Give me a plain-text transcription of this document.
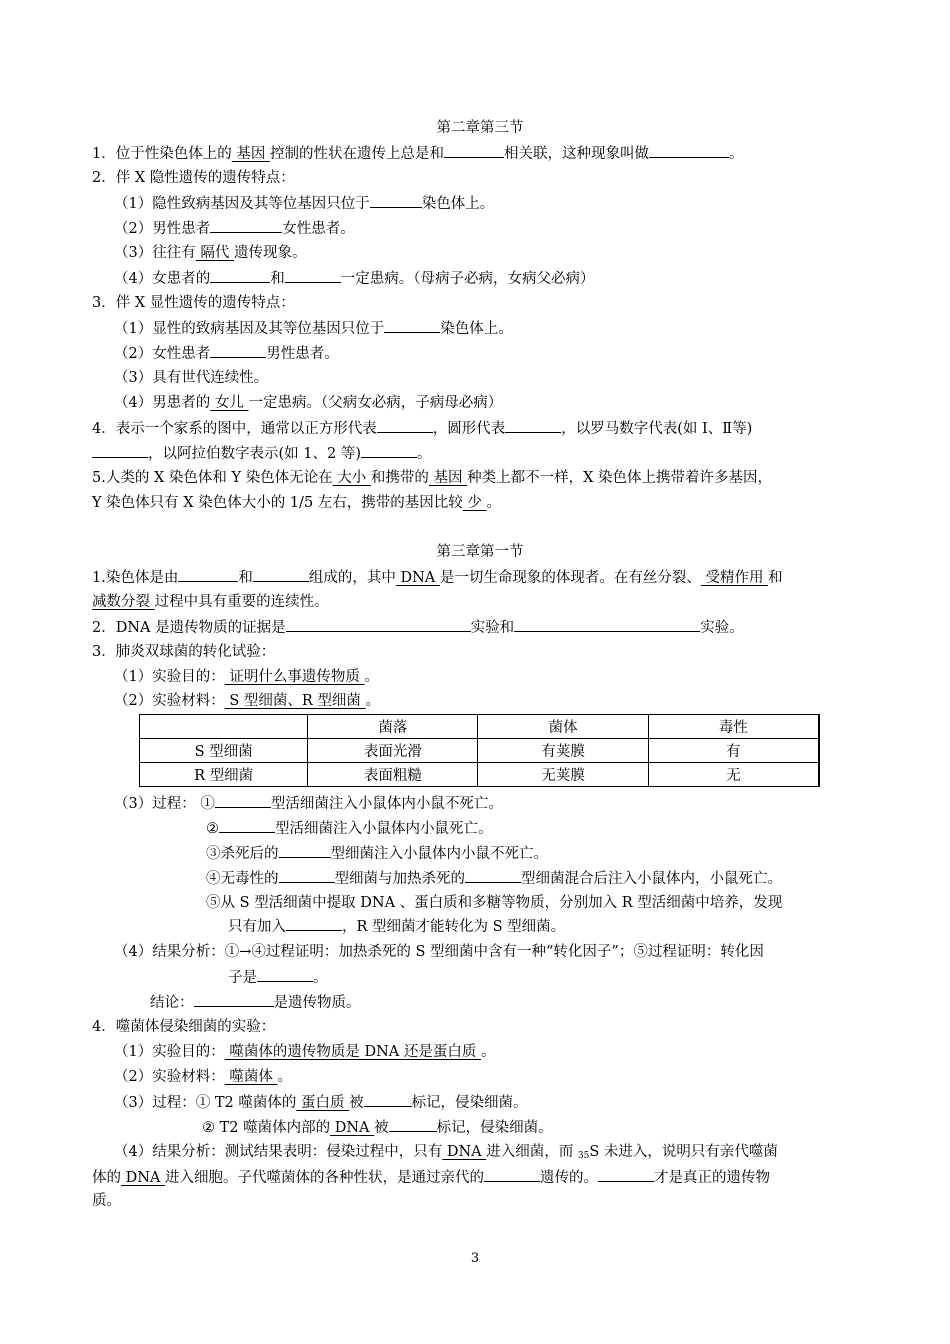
第二章第三节
1．位于性染色体上的 基因 控制的性状在遗传上总是和	相关联，这种现象叫做	。
2．伴 X 隐性遗传的遗传特点：
（1）隐性致病基因及其等位基因只位于	染色体上。
（2）男性患者	女性患者。
（3）往往有 隔代 遗传现象。
（4）女患者的	和	一定患病。（母病子必病，女病父必病）
3．伴 X 显性遗传的遗传特点：
（1）显性的致病基因及其等位基因只位于	染色体上。
（2）女性患者	男性患者。
（3）具有世代连续性。
（4）男患者的 女儿 一定患病。（父病女必病，子病母必病）
4．表示一个家系的图中，通常以正方形代表	，圆形代表	，以罗马数字代表(如 I、Ⅱ等)
，以阿拉伯数字表示(如 1、2 等)	。
5.人类的 X 染色体和 Y 染色体无论在 大小 和携带的 基因 种类上都不一样，X 染色体上携带着许多基因，
Y 染色体只有 X 染色体大小的 1/5 左右，携带的基因比较 少 。
第三章第一节
1.染色体是由	和	组成的，其中 DNA 是一切生命现象的体现者。在有丝分裂、 受精作用 和
减数分裂 过程中具有重要的连续性。
2．DNA 是遗传物质的证据是	实验和	实验。
3．肺炎双球菌的转化试验：
（1）实验目的： 证明什么事遗传物质 。
（2）实验材料： S 型细菌、R 型细菌 。
	菌落	菌体	毒性
S 型细菌	表面光滑	有荚膜	有
R 型细菌	表面粗糙	无荚膜	无
（3）过程： ①	型活细菌注入小鼠体内小鼠不死亡。
②	型活细菌注入小鼠体内小鼠死亡。
③杀死后的	型细菌注入小鼠体内小鼠不死亡。
④无毒性的	型细菌与加热杀死的	型细菌混合后注入小鼠体内，小鼠死亡。
⑤从 S 型活细菌中提取 DNA 、蛋白质和多糖等物质，分别加入 R 型活细菌中培养，发现
只有加入	，R 型细菌才能转化为 S 型细菌。
（4）结果分析：①→④过程证明：加热杀死的 S 型细菌中含有一种“转化因子”；⑤过程证明：转化因
子是	。
结论：	是遗传物质。
4．噬菌体侵染细菌的实验：
（1）实验目的： 噬菌体的遗传物质是 DNA 还是蛋白质 。
（2）实验材料： 噬菌体 。
（3）过程：① T2 噬菌体的 蛋白质 被	标记，侵染细菌。
② T2 噬菌体内部的 DNA 被	标记，侵染细菌。
（4）结果分析：测试结果表明：侵染过程中，只有 DNA 进入细菌，而 35S 未进入，说明只有亲代噬菌
体的 DNA 进入细胞。子代噬菌体的各种性状，是通过亲代的	遗传的。	才是真正的遗传物
质。
3
